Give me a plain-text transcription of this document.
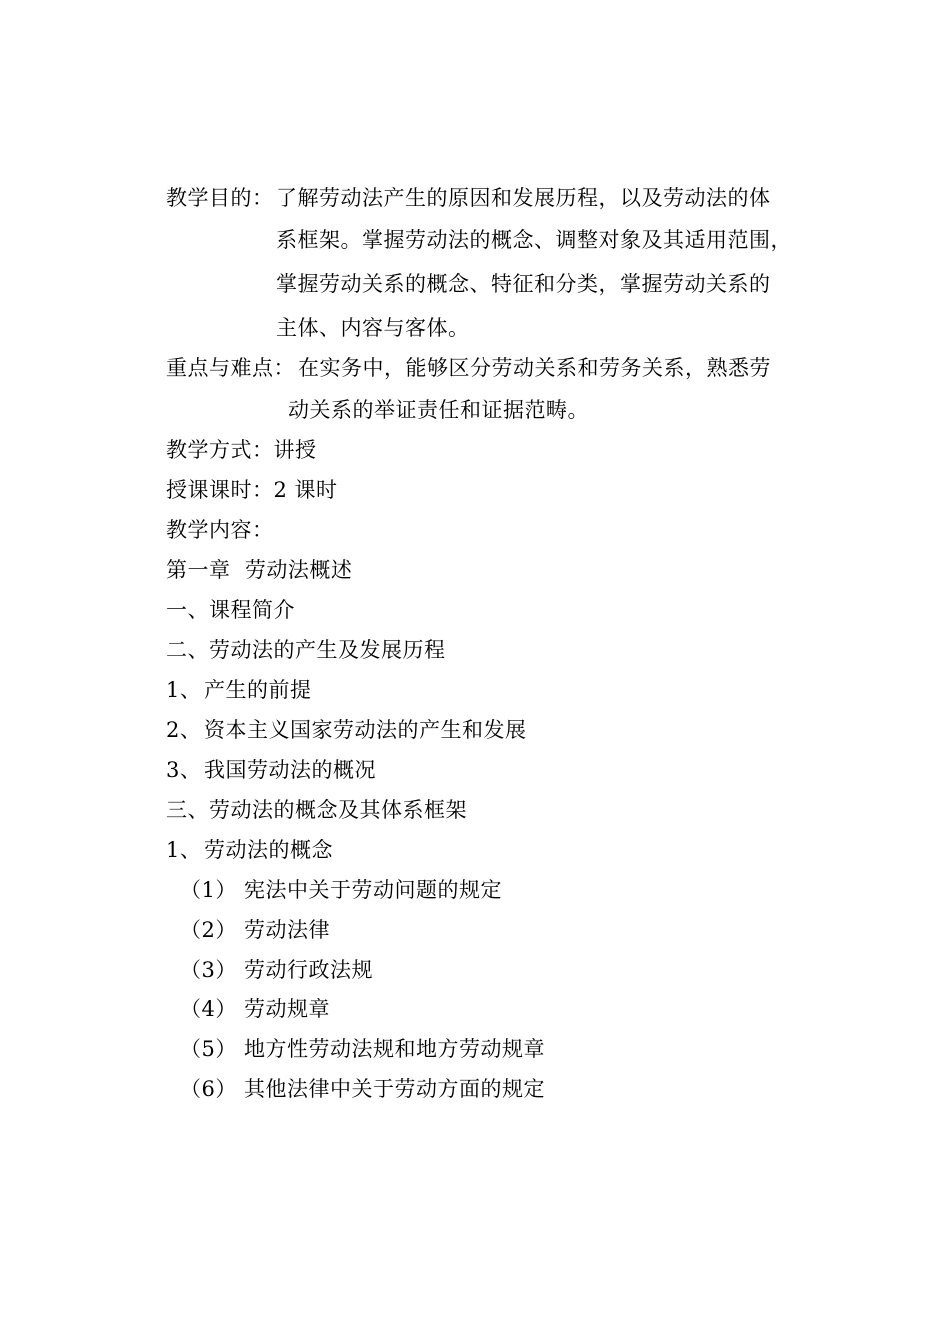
教学目的： 了解劳动法产生的原因和发展历程，以及劳动法的体
系框架。掌握劳动法的概念、调整对象及其适用范围，
掌握劳动关系的概念、特征和分类，掌握劳动关系的
主体、内容与客体。
重点与难点： 在实务中，能够区分劳动关系和劳务关系，熟悉劳
动关系的举证责任和证据范畴。
教学方式：讲授
授课课时：2 课时
教学内容：
第一章  劳动法概述
一、课程简介
二、劳动法的产生及发展历程
1、 产生的前提
2、 资本主义国家劳动法的产生和发展
3、 我国劳动法的概况
三、劳动法的概念及其体系框架
1、 劳动法的概念
（1） 宪法中关于劳动问题的规定
（2） 劳动法律
（3） 劳动行政法规
（4） 劳动规章
（5） 地方性劳动法规和地方劳动规章
（6） 其他法律中关于劳动方面的规定
